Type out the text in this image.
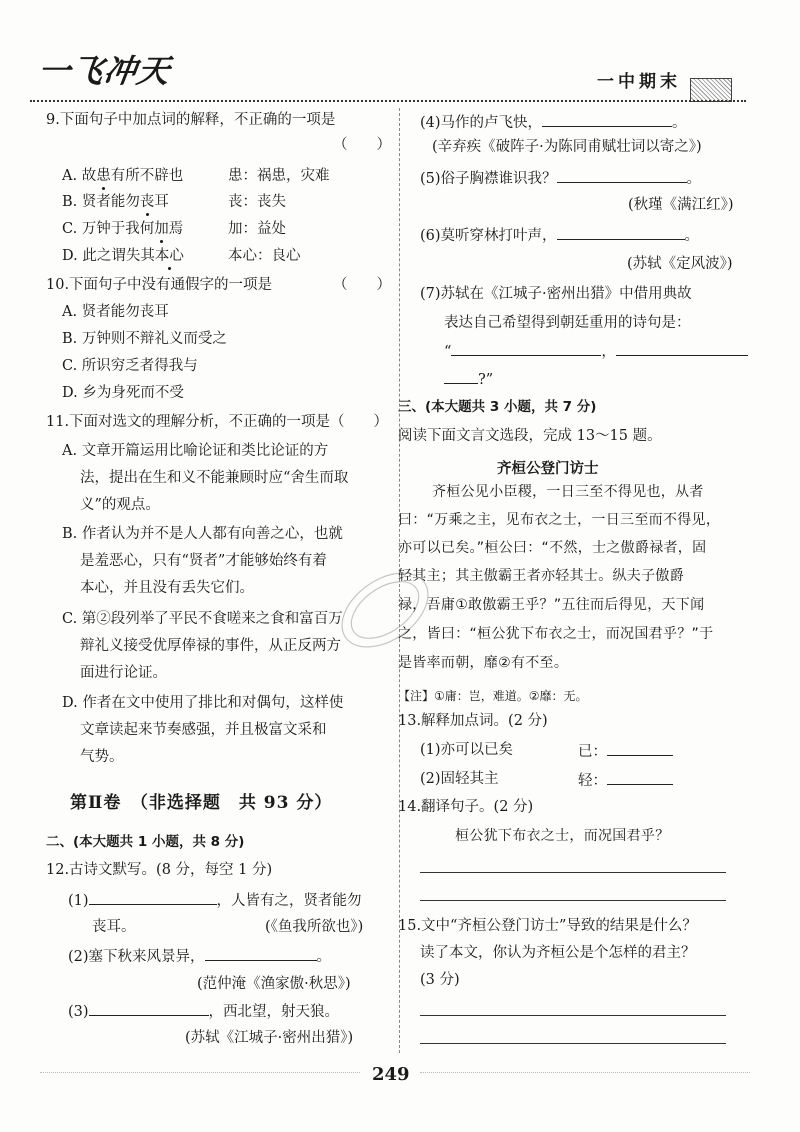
一飞冲天	一中期末
9.下面句子中加点词的解释，不正确的一项是
（　　）
A. 故患有所不辟也	患：祸患，灾难
B. 贤者能勿丧耳	丧：丧失
C. 万钟于我何加焉	加：益处
D. 此之谓失其本心	本心：良心
10.下面句子中没有通假字的一项是	（　　）
A. 贤者能勿丧耳
B. 万钟则不辩礼义而受之
C. 所识穷乏者得我与
D. 乡为身死而不受
11.下面对选文的理解分析，不正确的一项是（　　）
A. 文章开篇运用比喻论证和类比论证的方
法，提出在生和义不能兼顾时应“舍生而取
义”的观点。
B. 作者认为并不是人人都有向善之心，也就
是羞恶心，只有“贤者”才能够始终有着
本心，并且没有丢失它们。
C. 第②段列举了平民不食嗟来之食和富百万
辩礼义接受优厚俸禄的事件，从正反两方
面进行论证。
D. 作者在文中使用了排比和对偶句，这样使
文章读起来节奏感强，并且极富文采和
气势。
第Ⅱ卷　（非选择题　共 93 分）
二、(本大题共 1 小题，共 8 分)
12.古诗文默写。(8 分，每空 1 分)
(1)	，人皆有之，贤者能勿
丧耳。	(《鱼我所欲也》)
(2)塞下秋来风景异，	。
(范仲淹《渔家傲·秋思》)
(3)	，西北望，射天狼。
(苏轼《江城子·密州出猎》)
(4)马作的卢飞快，	。
(辛弃疾《破阵子·为陈同甫赋壮词以寄之》)
(5)俗子胸襟谁识我？	。
(秋瑾《满江红》)
(6)莫听穿林打叶声，	。
(苏轼《定风波》)
(7)苏轼在《江城子·密州出猎》中借用典故
表达自己希望得到朝廷重用的诗句是：
“	，
?”
三、(本大题共 3 小题，共 7 分)
阅读下面文言文选段，完成 13～15 题。
齐桓公登门访士
齐桓公见小臣稷，一日三至不得见也，从者
曰：“万乘之主，见布衣之士，一日三至而不得见，
亦可以已矣。”桓公曰：“不然，士之傲爵禄者，固
轻其主；其主傲霸王者亦轻其士。纵夫子傲爵
禄，吾庸①敢傲霸王乎？”五往而后得见，天下闻
之，皆曰：“桓公犹下布衣之士，而况国君乎？”于
是皆率而朝，靡②有不至。
【注】①庸：岂，难道。②靡：无。
13.解释加点词。(2 分)
(1)亦可以已矣	已：
(2)固轻其主	轻：
14.翻译句子。(2 分)
桓公犹下布衣之士，而况国君乎？
15.文中“齐桓公登门访士”导致的结果是什么？
读了本文，你认为齐桓公是个怎样的君主？
(3 分)
249
